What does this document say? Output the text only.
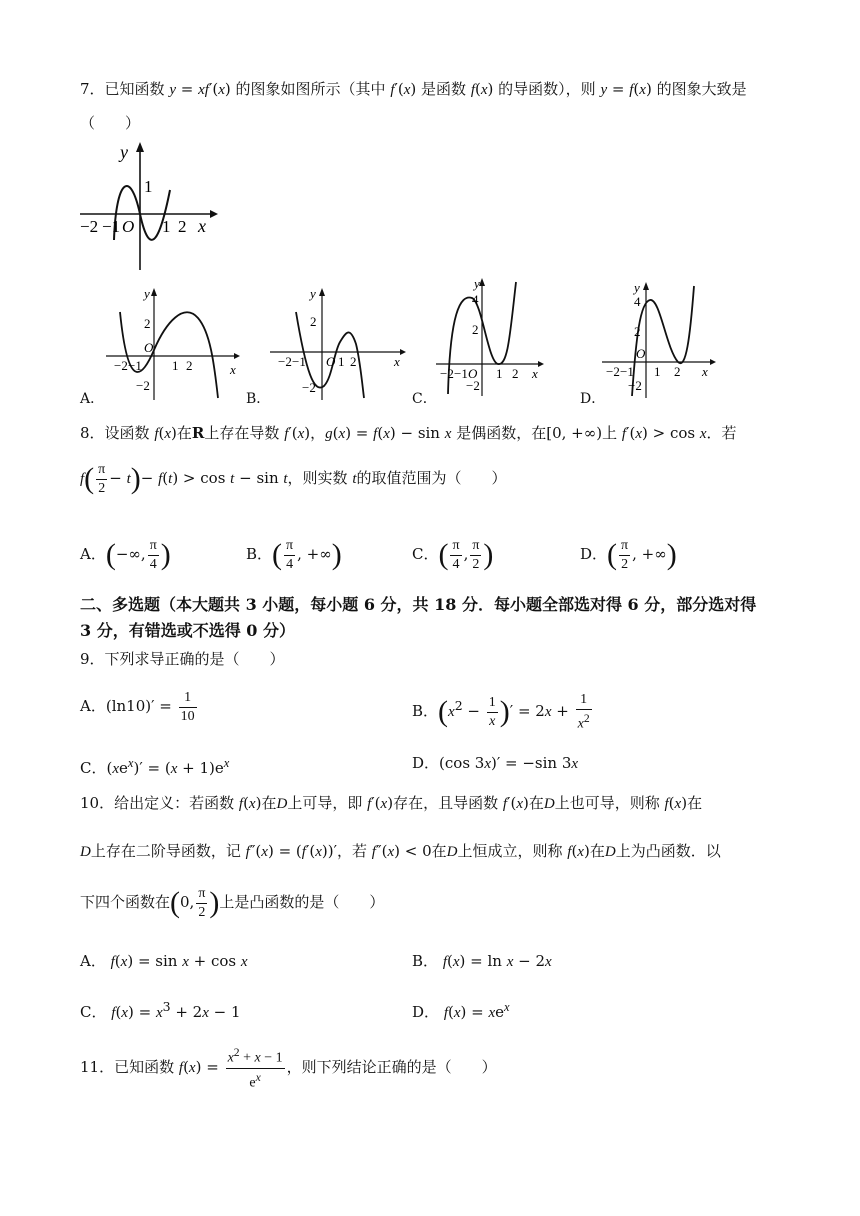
7．已知函数 y = xf′(x) 的图象如图所示（其中 f′(x) 是函数 f(x) 的导函数），则 y = f(x) 的图象大致是
（　　）
y
1
x
−2 −1 O 1 2
y
2
−2
−2 −1
O
1 2	x
A．
y
2
−2
−2 −1 O 1 2	x
B．
y
4
2
−2
−2 −1 O 1 2 x
C．
y
4
2
−2
−2 −1
O
1 2 x
D．
8．设函数 f(x)在R上存在导数 f′(x)，g(x) = f(x) − sin x 是偶函数，在[0, +∞)上 f′(x) > cos x．若
$f( \frac{\pi}{2} - t)- f(t) > \cos t - \sin t$，则实数 t的取值范围为（　　）
A．(−∞, $\frac{\pi}{4}$ )	B．( $\frac{\pi}{4}$ , +∞)	C．( $\frac{\pi}{4}$ , $\frac{\pi}{2}$ )	D．( $\frac{\pi}{2}$ , +∞)
二、多选题（本大题共 3 小题，每小题 6 分，共 18 分．每小题全部选对得 6 分，部分选对得
3 分，有错选或不选得 0 分）
9．下列求导正确的是（　　）
A．$(\ln 10)' = \frac{1}{10}$	B．($x^2 - \frac{1}{x}$ )′ = $2x + \frac{1}{x^2}$
C．$(xe^x)' = (x + 1)e^x$	D．(cos 3x)′ = −sin 3x
10．给出定义：若函数 f(x)在D上可导，即 f′(x)存在，且导函数 f′(x)在D上也可导，则称 f(x)在
D上存在二阶导函数，记 f″(x) = (f′(x))′，若 f″(x) < 0在D上恒成立，则称 f(x)在D上为凸函数．以
下四个函数在(0, $\frac{\pi}{2}$ )上是凸函数的是（　　）
A． f(x) = sin x + cos x	B． f(x) = ln x − 2x
C． $f(x) = x^3 + 2x - 1$	D． $f(x) = xe^x$
11．已知函数 $f(x) = \frac{x^2 + x - 1}{e^x}$ ，则下列结论正确的是（　　）
